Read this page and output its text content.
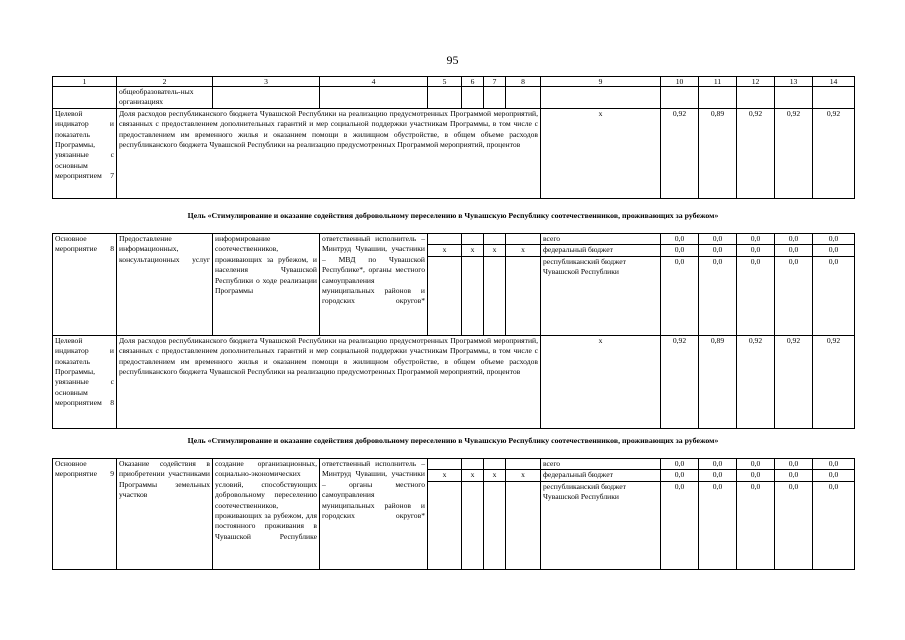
95
1	2	3	4	5	6	7	8	9	10	11	12	13	14
	общеобразователь-ных организациях												
Целевой индикатор и показатель Программы, увязанные с основным мероприятием 7	Доля расходов республиканского бюджета Чувашской Республики на реализацию предусмотренных Программой мероприятий, связанных с предоставлением дополнительных гарантий и мер социальной поддержки участникам Программы, в том числе с предоставлением им временного жилья и оказанием помощи в жилищном обустройстве, в общем объеме расходов республиканского бюджета Чувашской Республики на реализацию предусмотренных Программой мероприятий, процентов							x	0,92	0,89	0,92	0,92	0,92
Цель «Стимулирование и оказание содействия добровольному переселению в Чувашскую Республику соотечественников, проживающих за рубежом»
Основное мероприятие 8	Предоставление информационных, консультационных услуг	информирование соотечественников, проживающих за рубежом, и населения Чувашской Республики о ходе реализации Программы	ответственный исполнитель – Минтруд Чувашии, участники – МВД по Чувашской Республике*, органы местного самоуправления муниципальных районов и городских округов*					всего	0,0	0,0	0,0	0,0	0,0
				x	x	x	x	федеральный бюджет	0,0	0,0	0,0	0,0	0,0
								республиканский бюджет Чувашской Республики	0,0	0,0	0,0	0,0	0,0
Целевой индикатор и показатель Программы, увязанные с основным мероприятием 8	Доля расходов республиканского бюджета Чувашской Республики на реализацию предусмотренных Программой мероприятий, связанных с предоставлением дополнительных гарантий и мер социальной поддержки участникам Программы, в том числе с предоставлением им временного жилья и оказанием помощи в жилищном обустройстве, в общем объеме расходов республиканского бюджета Чувашской Республики на реализацию предусмотренных Программой мероприятий, процентов							x	0,92	0,89	0,92	0,92	0,92
Цель «Стимулирование и оказание содействия добровольному переселению в Чувашскую Республику соотечественников, проживающих за рубежом»
Основное мероприятие 9	Оказание содействия в приобретении участниками Программы земельных участков	создание организационных, социально-экономических условий, способствующих добровольному переселению соотечественников, проживающих за рубежом, для постоянного проживания в Чувашской Республике	ответственный исполнитель – Минтруд Чувашии, участники – органы местного самоуправления муниципальных районов и городских округов*					всего	0,0	0,0	0,0	0,0	0,0
				x	x	x	x	федеральный бюджет	0,0	0,0	0,0	0,0	0,0
								республиканский бюджет Чувашской Республики	0,0	0,0	0,0	0,0	0,0
